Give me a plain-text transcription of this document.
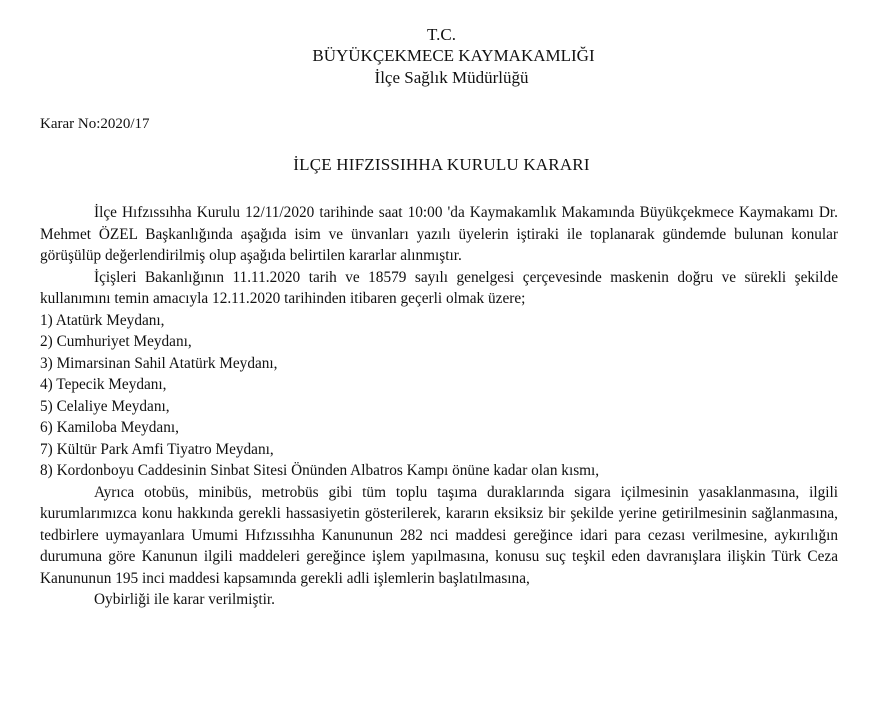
T.C.
BÜYÜKÇEKMECE KAYMAKAMLIĞI
İlçe Sağlık Müdürlüğü
Karar No:2020/17
İLÇE HIFZISSIHHA KURULU KARARI

İlçe Hıfzıssıhha Kurulu 12/11/2020 tarihinde saat 10:00 'da Kaymakamlık Makamında Büyükçekmece Kaymakamı Dr. Mehmet ÖZEL Başkanlığında aşağıda isim ve ünvanları yazılı üyelerin iştiraki ile toplanarak gündemde bulunan konular görüşülüp değerlendirilmiş olup aşağıda belirtilen kararlar alınmıştır.

İçişleri Bakanlığının 11.11.2020 tarih ve 18579 sayılı genelgesi çerçevesinde maskenin doğru ve sürekli şekilde kullanımını temin amacıyla 12.11.2020 tarihinden itibaren geçerli olmak üzere;

1) Atatürk Meydanı,
2) Cumhuriyet Meydanı,
3) Mimarsinan Sahil Atatürk Meydanı,
4) Tepecik Meydanı,
5) Celaliye Meydanı,
6) Kamiloba Meydanı,
7) Kültür Park Amfi Tiyatro Meydanı,
8) Kordonboyu Caddesinin Sinbat Sitesi Önünden Albatros Kampı önüne kadar olan kısmı,

Ayrıca otobüs, minibüs, metrobüs gibi tüm toplu taşıma duraklarında sigara içilmesinin yasaklanmasına, ilgili kurumlarımızca konu hakkında gerekli hassasiyetin gösterilerek, kararın eksiksiz bir şekilde yerine getirilmesinin sağlanmasına, tedbirlere uymayanlara Umumi Hıfzıssıhha Kanununun 282 nci maddesi gereğince idari para cezası verilmesine, aykırılığın durumuna göre Kanunun ilgili maddeleri gereğince işlem yapılmasına, konusu suç teşkil eden davranışlara ilişkin Türk Ceza Kanununun 195 inci maddesi kapsamında gerekli adli işlemlerin başlatılmasına,

Oybirliği ile karar verilmiştir.
